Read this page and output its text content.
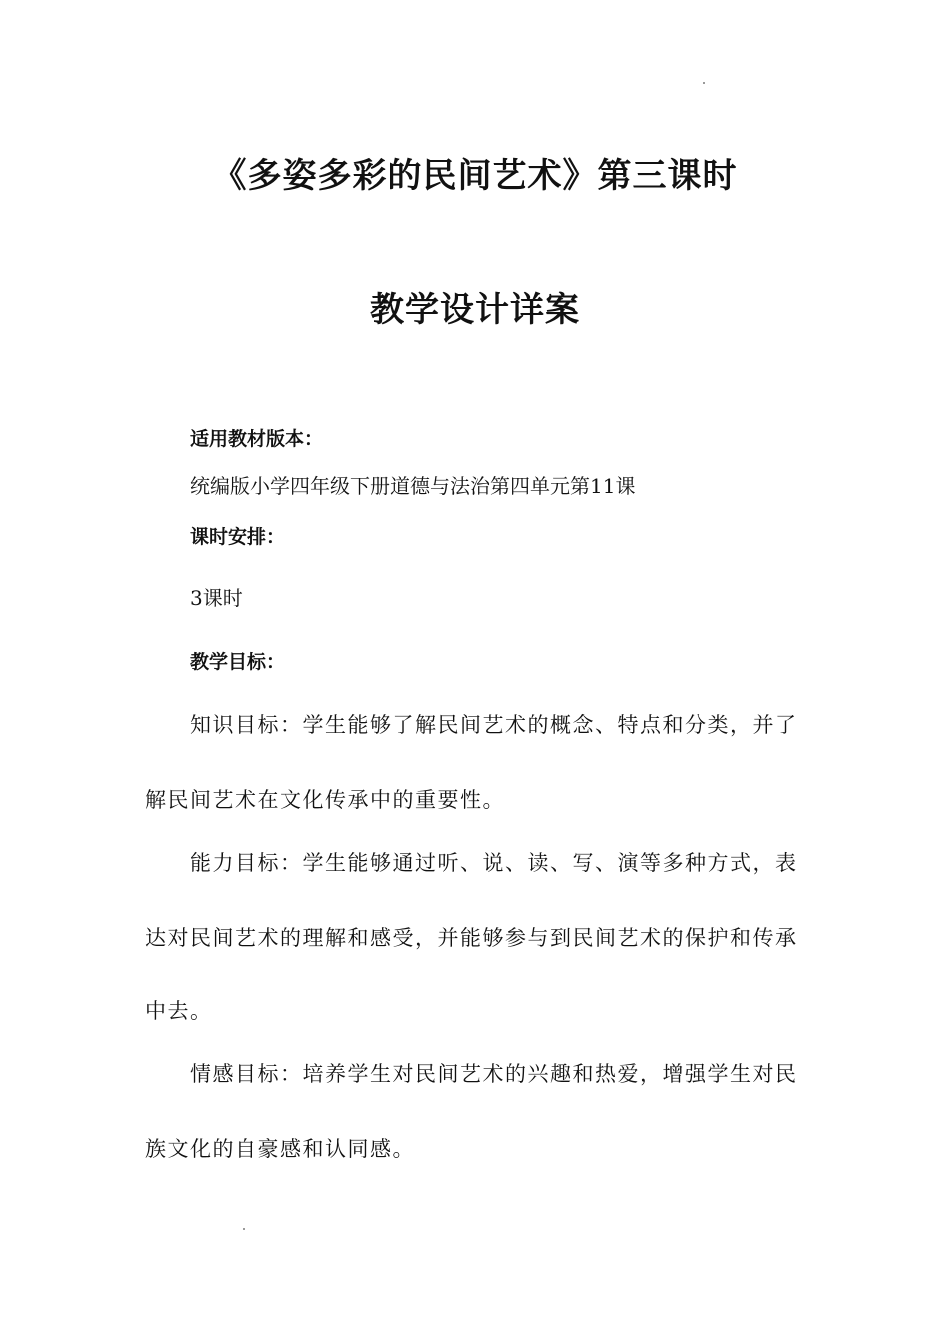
《多姿多彩的民间艺术》第三课时
教学设计详案
适用教材版本：
统编版小学四年级下册道德与法治第四单元第11课
课时安排：
3课时
教学目标：
知识目标：学生能够了解民间艺术的概念、特点和分类，并了
解民间艺术在文化传承中的重要性。
能力目标：学生能够通过听、说、读、写、演等多种方式，表
达对民间艺术的理解和感受，并能够参与到民间艺术的保护和传承
中去。
情感目标：培养学生对民间艺术的兴趣和热爱，增强学生对民
族文化的自豪感和认同感。
